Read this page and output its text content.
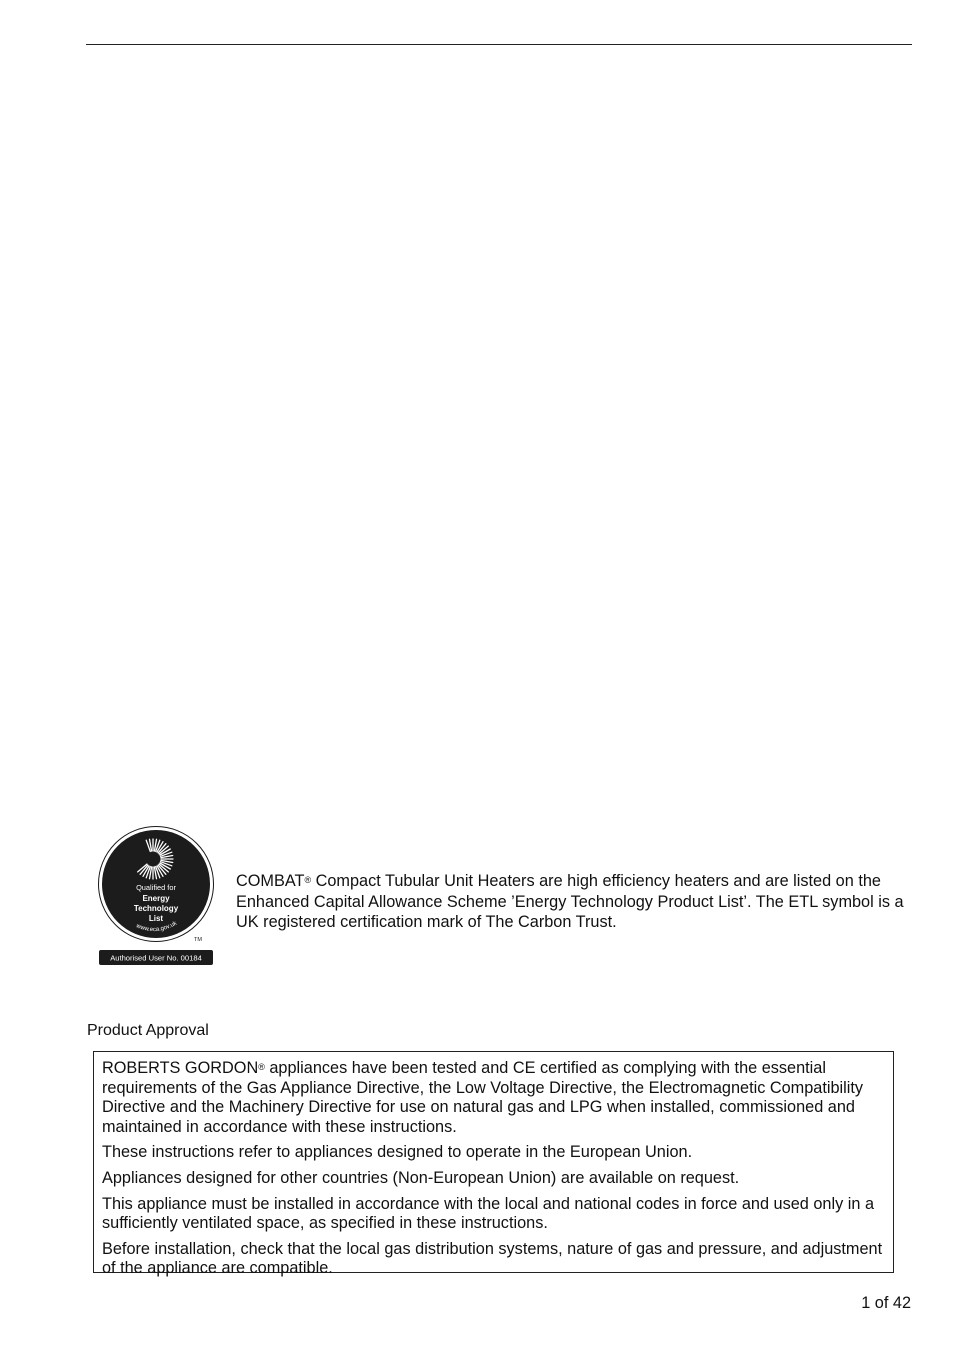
Qualified for
Energy
Technology
List
www.eca.gov.uk
TM
Authorised User No. 00184
COMBAT® Compact Tubular Unit Heaters are high efficiency heaters and are listed on the Enhanced Capital Allowance Scheme ’Energy Technology Product List’. The ETL symbol is a UK registered certification mark of The Carbon Trust.
Product Approval

ROBERTS GORDON® appliances have been tested and CE certified as complying with the essential requirements of the Gas Appliance Directive, the Low Voltage Directive, the Electromagnetic Compatibility Directive and the Machinery Directive for use on natural gas and LPG when installed, commissioned and maintained in accordance with these instructions.

These instructions refer to appliances designed to operate in the European Union.

Appliances designed for other countries (Non-European Union) are available on request.

This appliance must be installed in accordance with the local and national codes in force and used only in a sufficiently ventilated space, as specified in these instructions.

Before installation, check that the local gas distribution systems, nature of gas and pressure, and adjustment of the appliance are compatible.

1 of 42
